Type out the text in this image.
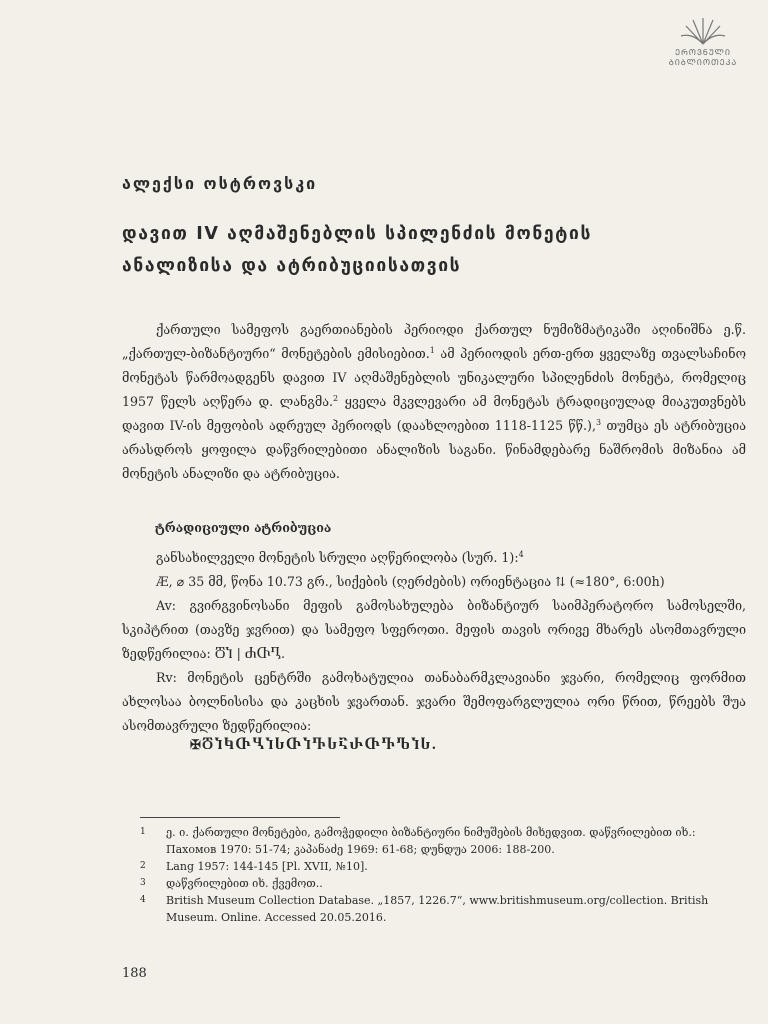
ᲔᲠᲝᲕᲜᲣᲚᲘ
ᲑᲘᲑᲚᲘᲝᲗᲔᲙᲐ
ალექსი ოსტროვსკი
დავით IV აღმაშენებლის სპილენძის მონეტის
ანალიზისა და ატრიბუციისათვის

ქართული სამეფოს გაერთიანების პერიოდი ქართულ ნუმიზმატიკაში აღინიშნა ე.წ. „ქართულ-ბიზანტიური“ მონეტების ემისიებით.$^1$ ამ პერიოდის ერთ-ერთ ყველაზე თვალსაჩინო მონეტას წარმოადგენს დავით IV აღმაშენებლის უნიკალური სპილენძის მონეტა, რომელიც 1957 წელს აღწერა დ. ლანგმა.$^2$ ყველა მკვლევარი ამ მონეტას ტრადიციულად მიაკუთვნებს დავით IV-ის მეფობის ადრეულ პერიოდს (დაახლოებით 1118-1125 წწ.),$^3$ თუმცა ეს ატრიბუცია არასდროს ყოფილა დაწვრილებითი ანალიზის საგანი. წინამდებარე ნაშრომის მიზანია ამ მონეტის ანალიზი და ატრიბუცია.

ტრადიციული ატრიბუცია

განსახილველი მონეტის სრული აღწერილობა (სურ. 1):$^4$

Æ, ⌀ 35 მმ, წონა 10.73 გრ., სიქების (ღერძების) ორიენტაცია ⇅ (≈180°, 6:00h)

Av: გვირგვინოსანი მეფის გამოსახულება ბიზანტიურ საიმპერატორო სამოსელში, სკიპტრით (თავზე ჯვრით) და სამეფო სფეროთი. მეფის თავის ორივე მხარეს ასომთავრული ზედწერილია: ႣႨ | ႻႧႢ.

Rv: მონეტის ცენტრში გამოხატულია თანაბარმკლავიანი ჯვარი, რომელიც ფორმით ახლოსაა ბოლნისისა და კაცხის ჯვართან. ჯვარი შემოფარგლულია ორი წრით, წრეებს შუა ასომთავრული ზედწერილია:

✠ႣႨႩႧႡႨႱႧႨႥႱႠႰႧႥႪႨႱ.

1 ე. ი. ქართული მონეტები, გამოჭედილი ბიზანტიური ნიმუშების მიხედვით. დაწვრილებით იხ.: Пахомов 1970: 51-74; კაპანაძე 1969: 61-68; დუნდუა 2006: 188-200.
2 Lang 1957: 144-145 [Pl. XVII, №10].
3 დაწვრილებით იხ. ქვემოთ..
4 British Museum Collection Database. „1857, 1226.7“, www.britishmuseum.org/collection. British Museum. Online. Accessed 20.05.2016.

188
